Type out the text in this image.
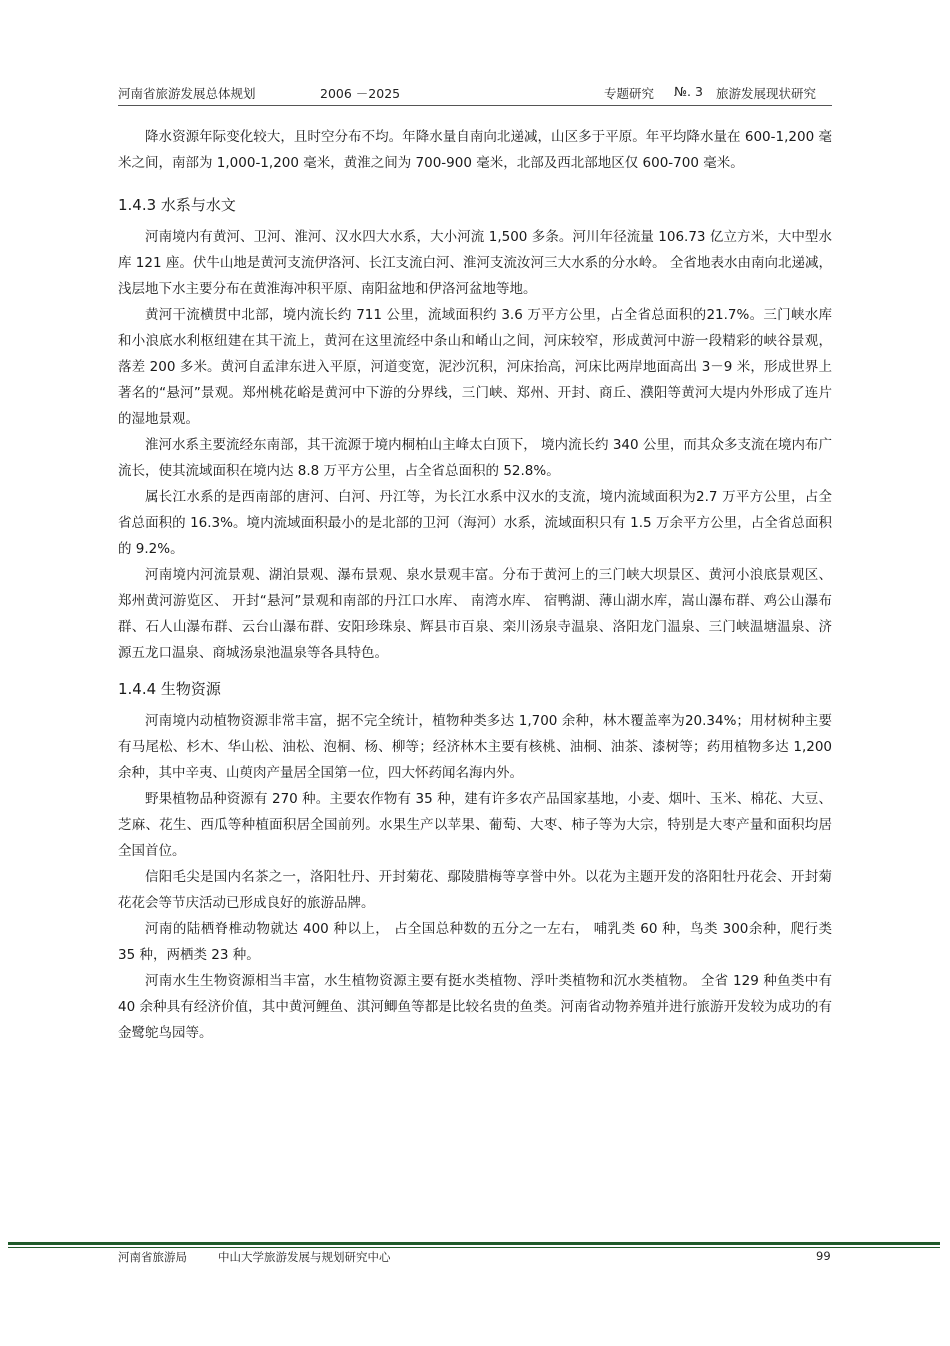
河南省旅游发展总体规划	2006 －2025	专题研究 №. 3 旅游发展现状研究

降水资源年际变化较大，且时空分布不均。年降水量自南向北递减，山区多于平原。年平均降水量在 600-1,200 毫米之间，南部为 1,000-1,200 毫米，黄淮之间为 700-900 毫米，北部及西北部地区仅 600-700 毫米。

1.4.3 水系与水文

河南境内有黄河、卫河、淮河、汉水四大水系，大小河流 1,500 多条。河川年径流量 106.73 亿立方米，大中型水库 121 座。伏牛山地是黄河支流伊洛河、长江支流白河、淮河支流汝河三大水系的分水岭。 全省地表水由南向北递减，浅层地下水主要分布在黄淮海冲积平原、南阳盆地和伊洛河盆地等地。

黄河干流横贯中北部，境内流长约 711 公里，流域面积约 3.6 万平方公里，占全省总面积的21.7%。三门峡水库和小浪底水利枢纽建在其干流上，黄河在这里流经中条山和崤山之间，河床较窄，形成黄河中游一段精彩的峡谷景观，落差 200 多米。黄河自孟津东进入平原，河道变宽，泥沙沉积，河床抬高，河床比两岸地面高出 3－9 米，形成世界上著名的“悬河”景观。郑州桃花峪是黄河中下游的分界线，三门峡、郑州、开封、商丘、濮阳等黄河大堤内外形成了连片的湿地景观。

淮河水系主要流经东南部，其干流源于境内桐柏山主峰太白顶下， 境内流长约 340 公里，而其众多支流在境内布广流长，使其流域面积在境内达 8.8 万平方公里，占全省总面积的 52.8%。

属长江水系的是西南部的唐河、白河、丹江等，为长江水系中汉水的支流，境内流域面积为2.7 万平方公里，占全省总面积的 16.3%。境内流域面积最小的是北部的卫河（海河）水系，流域面积只有 1.5 万余平方公里，占全省总面积的 9.2%。

河南境内河流景观、湖泊景观、瀑布景观、泉水景观丰富。分布于黄河上的三门峡大坝景区、黄河小浪底景观区、 郑州黄河游览区、 开封“悬河”景观和南部的丹江口水库、 南湾水库、 宿鸭湖、薄山湖水库，嵩山瀑布群、鸡公山瀑布群、石人山瀑布群、云台山瀑布群、安阳珍珠泉、辉县市百泉、栾川汤泉寺温泉、洛阳龙门温泉、三门峡温塘温泉、济源五龙口温泉、商城汤泉池温泉等各具特色。

1.4.4 生物资源

河南境内动植物资源非常丰富，据不完全统计，植物种类多达 1,700 余种，林木覆盖率为20.34%；用材树种主要有马尾松、杉木、华山松、油松、泡桐、杨、柳等；经济林木主要有核桃、油桐、油茶、漆树等；药用植物多达 1,200 余种，其中辛夷、山萸肉产量居全国第一位，四大怀药闻名海内外。

野果植物品种资源有 270 种。主要农作物有 35 种，建有许多农产品国家基地，小麦、烟叶、玉米、棉花、大豆、芝麻、花生、西瓜等种植面积居全国前列。水果生产以苹果、葡萄、大枣、柿子等为大宗，特别是大枣产量和面积均居全国首位。

信阳毛尖是国内名茶之一，洛阳牡丹、开封菊花、鄢陵腊梅等享誉中外。以花为主题开发的洛阳牡丹花会、开封菊花花会等节庆活动已形成良好的旅游品牌。

河南的陆栖脊椎动物就达 400 种以上， 占全国总种数的五分之一左右， 哺乳类 60 种，鸟类 300余种，爬行类 35 种，两栖类 23 种。

河南水生生物资源相当丰富，水生植物资源主要有挺水类植物、浮叶类植物和沉水类植物。 全省 129 种鱼类中有 40 余种具有经济价值，其中黄河鲤鱼、淇河鲫鱼等都是比较名贵的鱼类。河南省动物养殖并进行旅游开发较为成功的有金鹭鸵鸟园等。

河南省旅游局	中山大学旅游发展与规划研究中心	99
